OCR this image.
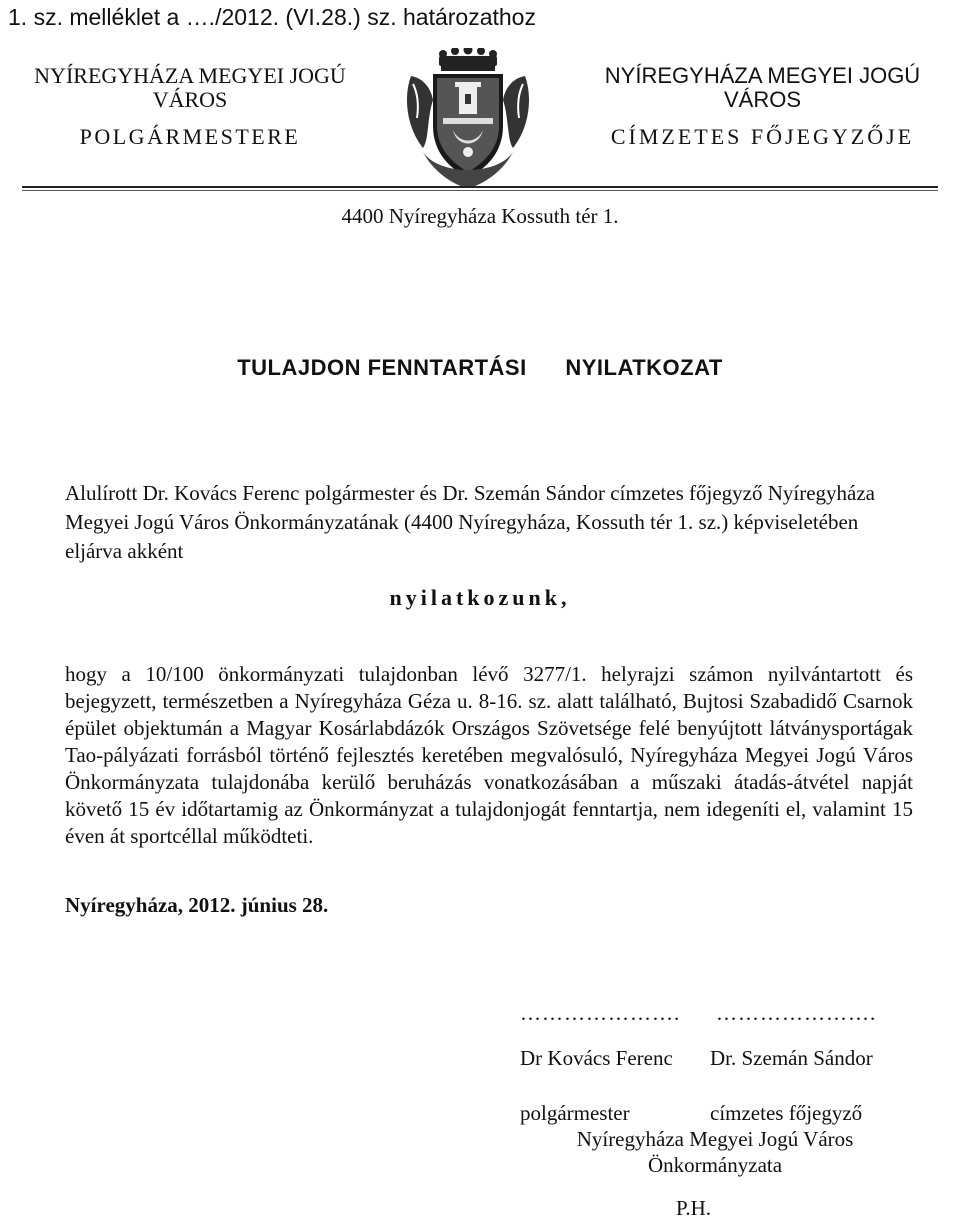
1. sz. melléklet a …./2012. (VI.28.) sz. határozathoz
NYÍREGYHÁZA MEGYEI JOGÚ
VÁROS
POLGÁRMESTERE
NYÍREGYHÁZA MEGYEI JOGÚ
VÁROS
CÍMZETES FŐJEGYZŐJE
4400 Nyíregyháza Kossuth tér 1.
TULAJDON FENNTARTÁSI NYILATKOZAT
Alulírott Dr. Kovács Ferenc polgármester és Dr. Szemán Sándor címzetes főjegyző Nyíregyháza Megyei Jogú Város Önkormányzatának (4400 Nyíregyháza, Kossuth tér 1. sz.) képviseletében eljárva akként
nyilatkozunk,
hogy a 10/100 önkormányzati tulajdonban lévő 3277/1. helyrajzi számon nyilvántartott és bejegyzett, természetben a Nyíregyháza Géza u. 8-16. sz. alatt található, Bujtosi Szabadidő Csarnok épület objektumán a Magyar Kosárlabdázók Országos Szövetsége felé benyújtott látványsportágak Tao-pályázati forrásból történő fejlesztés keretében megvalósuló, Nyíregyháza Megyei Jogú Város Önkormányzata tulajdonába kerülő beruházás vonatkozásában a műszaki átadás-átvétel napját követő 15 év időtartamig az Önkormányzat a tulajdonjogát fenntartja, nem idegeníti el, valamint 15 éven át sportcéllal működteti.
Nyíregyháza, 2012. június 28.
…………………. ………………….
Dr Kovács Ferenc Dr. Szemán Sándor
polgármester	címzetes főjegyző
Nyíregyháza Megyei Jogú Város
Önkormányzata
P.H.
